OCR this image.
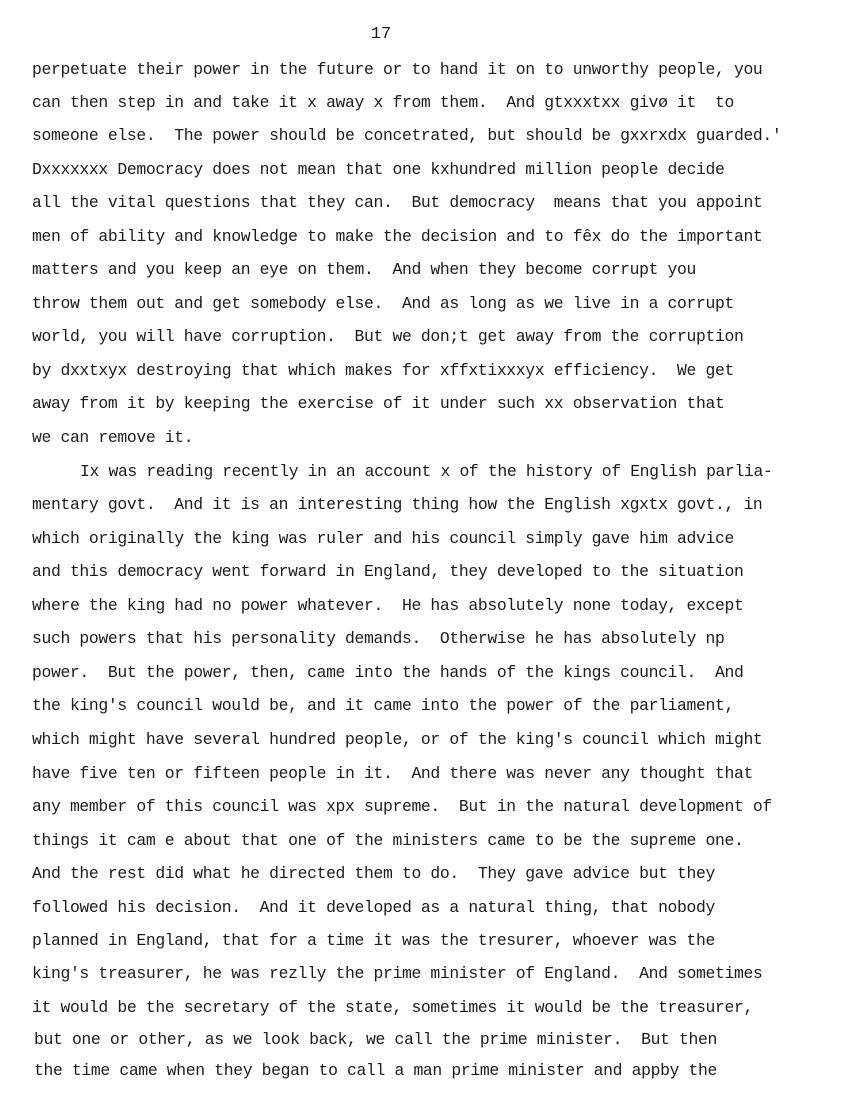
17
perpetuate their power in the future or to hand it on to unworthy people, you
can then step in and take it x away x from them.  And gtxxxtxx givø it  to
someone else.  The power should be concetrated, but should be gxxrxdx guarded.'
Dxxxxxxx Democracy does not mean that one kxhundred million people decide
all the vital questions that they can.  But democracy  means that you appoint
men of ability and knowledge to make the decision and to fêx do the important
matters and you keep an eye on them.  And when they become corrupt you
throw them out and get somebody else.  And as long as we live in a corrupt
world, you will have corruption.  But we don;t get away from the corruption
by dxxtxyx destroying that which makes for xffxtixxxyx efficiency.  We get
away from it by keeping the exercise of it under such xx observation that
we can remove it.
Ix was reading recently in an account x of the history of English parlia-
mentary govt.  And it is an interesting thing how the English xgxtx govt., in
which originally the king was ruler and his council simply gave him advice
and this democracy went forward in England, they developed to the situation
where the king had no power whatever.  He has absolutely none today, except
such powers that his personality demands.  Otherwise he has absolutely np
power.  But the power, then, came into the hands of the kings council.  And
the king's council would be, and it came into the power of the parliament,
which might have several hundred people, or of the king's council which might
have five ten or fifteen people in it.  And there was never any thought that
any member of this council was xpx supreme.  But in the natural development of
things it cam e about that one of the ministers came to be the supreme one.
And the rest did what he directed them to do.  They gave advice but they
followed his decision.  And it developed as a natural thing, that nobody
planned in England, that for a time it was the tresurer, whoever was the
king's treasurer, he was rezlly the prime minister of England.  And sometimes
it would be the secretary of the state, sometimes it would be the treasurer,
but one or other, as we look back, we call the prime minister.  But then
the time came when they began to call a man prime minister and appby the
